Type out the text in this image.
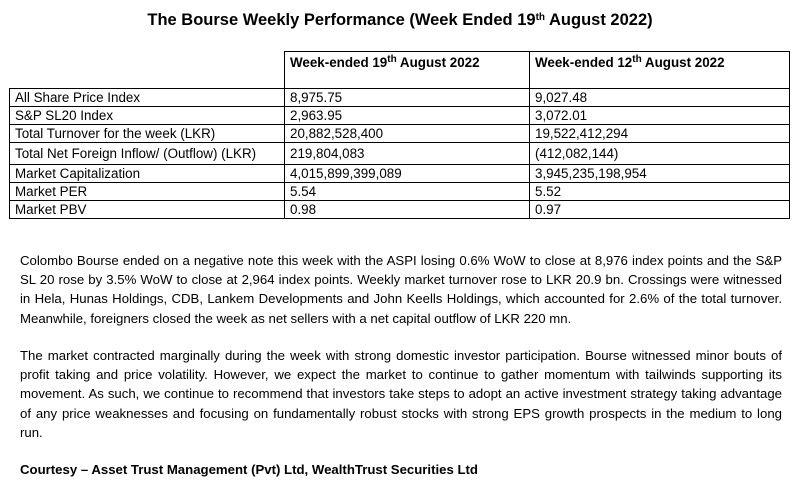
The Bourse Weekly Performance (Week Ended 19th August 2022)
	Week-ended 19th August 2022	Week-ended 12th August 2022
All Share Price Index	8,975.75	9,027.48
S&P SL20 Index	2,963.95	3,072.01
Total Turnover for the week (LKR)	20,882,528,400	19,522,412,294
Total Net Foreign Inflow/ (Outflow) (LKR)	219,804,083	(412,082,144)
Market Capitalization	4,015,899,399,089	3,945,235,198,954
Market PER	5.54	5.52
Market PBV	0.98	0.97

Colombo Bourse ended on a negative note this week with the ASPI losing 0.6% WoW to close at 8,976 index points and the S&P SL 20 rose by 3.5% WoW to close at 2,964 index points. Weekly market turnover rose to LKR 20.9 bn. Crossings were witnessed in Hela, Hunas Holdings, CDB, Lankem Developments and John Keells Holdings, which accounted for 2.6% of the total turnover. Meanwhile, foreigners closed the week as net sellers with a net capital outflow of LKR 220 mn.

The market contracted marginally during the week with strong domestic investor participation. Bourse witnessed minor bouts of profit taking and price volatility. However, we expect the market to continue to gather momentum with tailwinds supporting its movement. As such, we continue to recommend that investors take steps to adopt an active investment strategy taking advantage of any price weaknesses and focusing on fundamentally robust stocks with strong EPS growth prospects in the medium to long run.

Courtesy – Asset Trust Management (Pvt) Ltd, WealthTrust Securities Ltd
